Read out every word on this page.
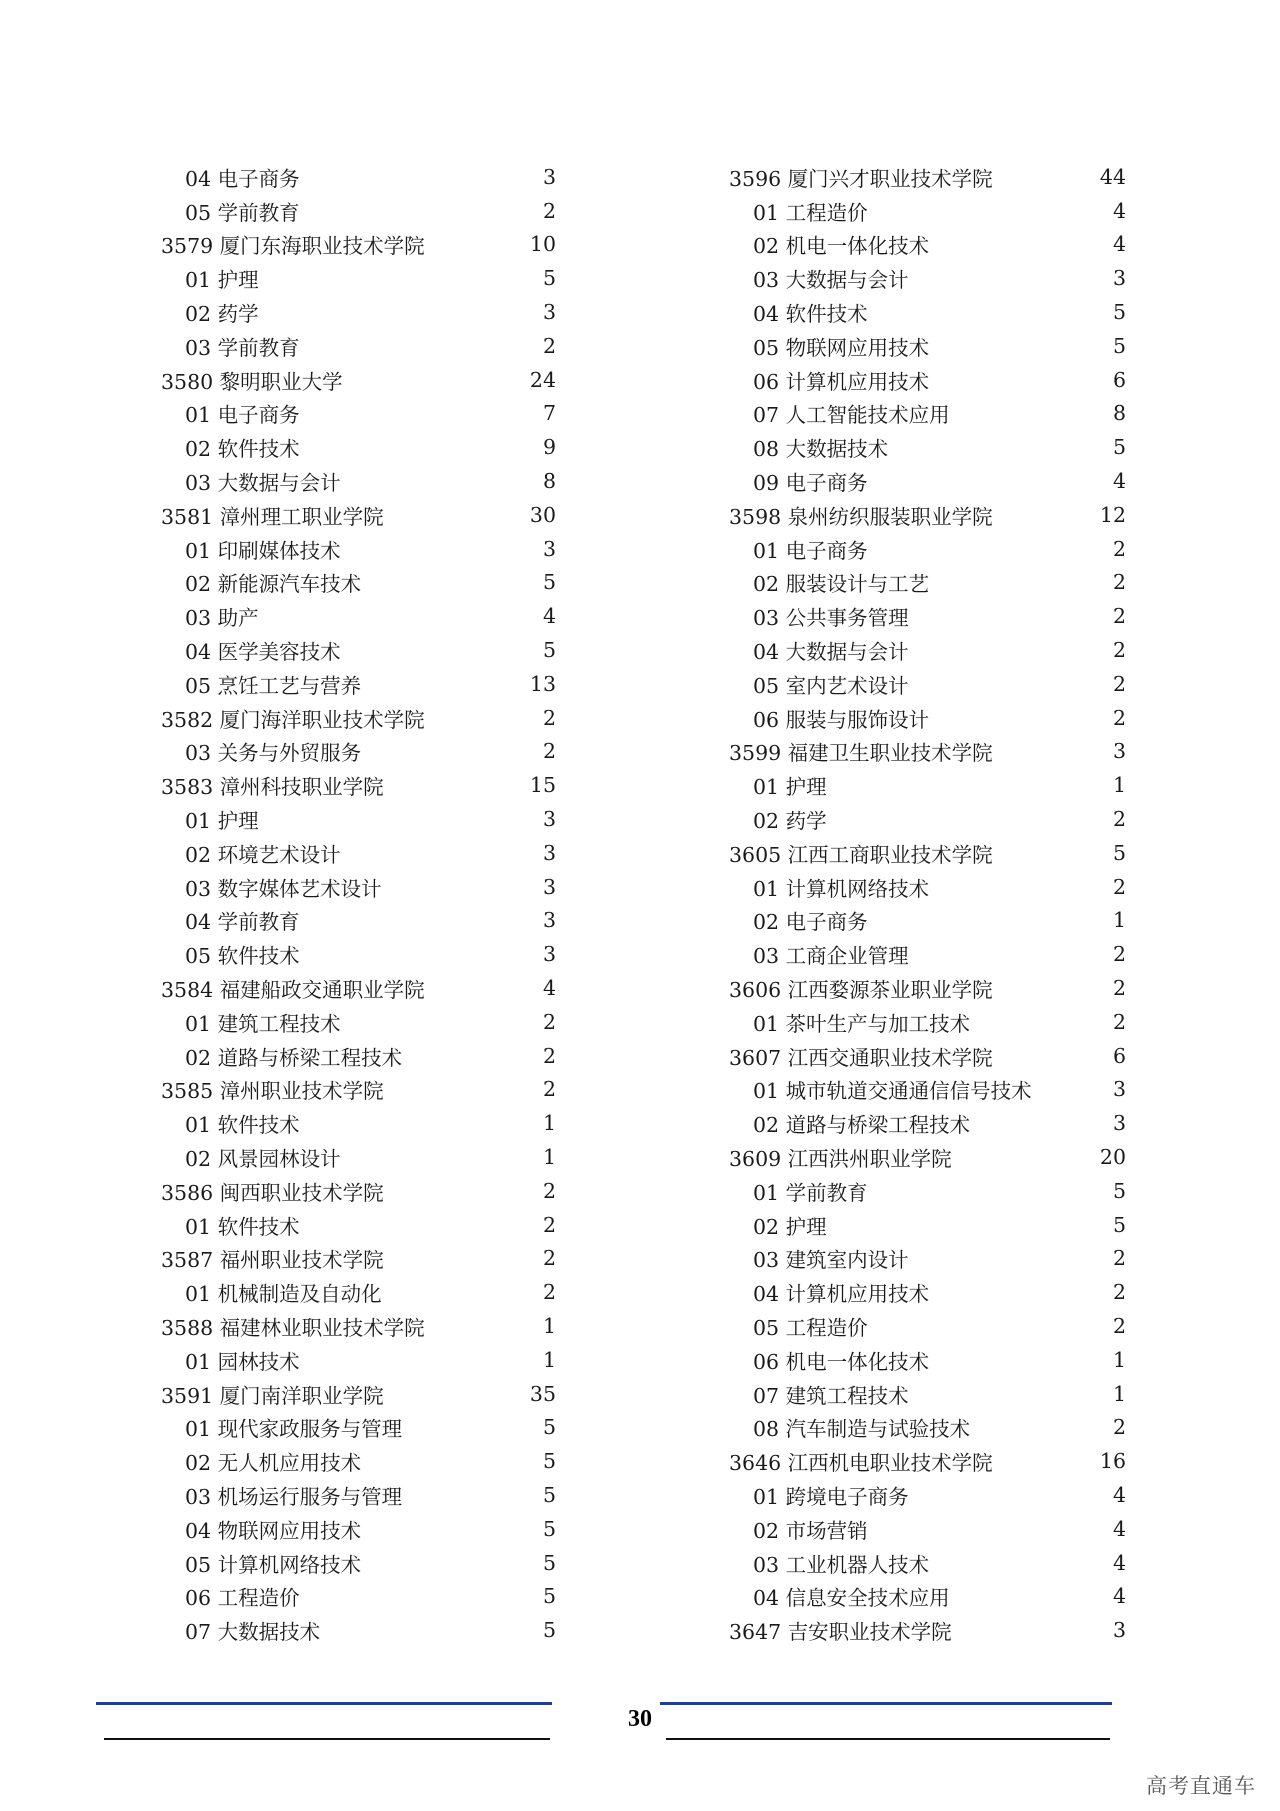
04 电子商务	3
05 学前教育	2
3579 厦门东海职业技术学院	10
01 护理	5
02 药学	3
03 学前教育	2
3580 黎明职业大学	24
01 电子商务	7
02 软件技术	9
03 大数据与会计	8
3581 漳州理工职业学院	30
01 印刷媒体技术	3
02 新能源汽车技术	5
03 助产	4
04 医学美容技术	5
05 烹饪工艺与营养	13
3582 厦门海洋职业技术学院	2
03 关务与外贸服务	2
3583 漳州科技职业学院	15
01 护理	3
02 环境艺术设计	3
03 数字媒体艺术设计	3
04 学前教育	3
05 软件技术	3
3584 福建船政交通职业学院	4
01 建筑工程技术	2
02 道路与桥梁工程技术	2
3585 漳州职业技术学院	2
01 软件技术	1
02 风景园林设计	1
3586 闽西职业技术学院	2
01 软件技术	2
3587 福州职业技术学院	2
01 机械制造及自动化	2
3588 福建林业职业技术学院	1
01 园林技术	1
3591 厦门南洋职业学院	35
01 现代家政服务与管理	5
02 无人机应用技术	5
03 机场运行服务与管理	5
04 物联网应用技术	5
05 计算机网络技术	5
06 工程造价	5
07 大数据技术	5
3596 厦门兴才职业技术学院	44
01 工程造价	4
02 机电一体化技术	4
03 大数据与会计	3
04 软件技术	5
05 物联网应用技术	5
06 计算机应用技术	6
07 人工智能技术应用	8
08 大数据技术	5
09 电子商务	4
3598 泉州纺织服装职业学院	12
01 电子商务	2
02 服装设计与工艺	2
03 公共事务管理	2
04 大数据与会计	2
05 室内艺术设计	2
06 服装与服饰设计	2
3599 福建卫生职业技术学院	3
01 护理	1
02 药学	2
3605 江西工商职业技术学院	5
01 计算机网络技术	2
02 电子商务	1
03 工商企业管理	2
3606 江西婺源茶业职业学院	2
01 茶叶生产与加工技术	2
3607 江西交通职业技术学院	6
01 城市轨道交通通信信号技术	3
02 道路与桥梁工程技术	3
3609 江西洪州职业学院	20
01 学前教育	5
02 护理	5
03 建筑室内设计	2
04 计算机应用技术	2
05 工程造价	2
06 机电一体化技术	1
07 建筑工程技术	1
08 汽车制造与试验技术	2
3646 江西机电职业技术学院	16
01 跨境电子商务	4
02 市场营销	4
03 工业机器人技术	4
04 信息安全技术应用	4
3647 吉安职业技术学院	3
30
高考直通车
